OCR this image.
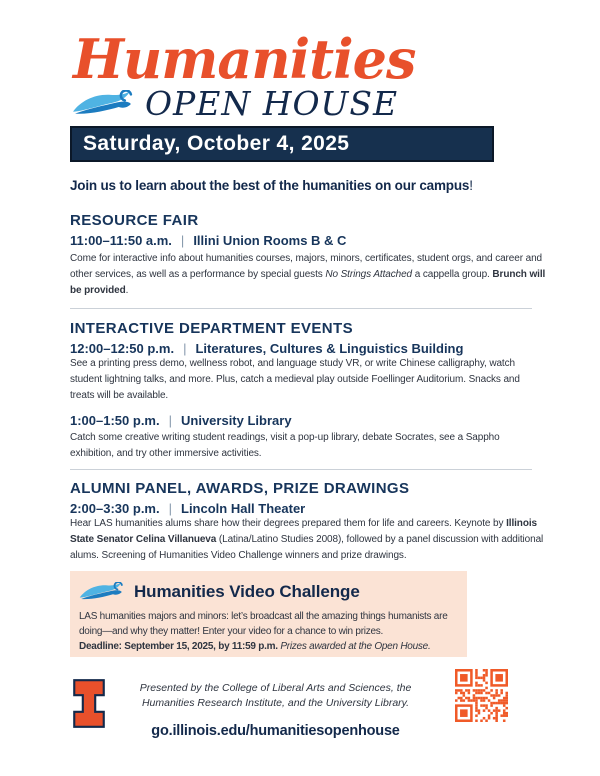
Humanities
OPEN HOUSE
Saturday, October 4, 2025
Join us to learn about the best of the humanities on our campus!
RESOURCE FAIR
11:00–11:50 a.m. | Illini Union Rooms B & C
Come for interactive info about humanities courses, majors, minors, certificates, student orgs, and career and other services, as well as a performance by special guests No Strings Attached a cappella group. Brunch will be provided.
INTERACTIVE DEPARTMENT EVENTS
12:00–12:50 p.m. | Literatures, Cultures & Linguistics Building
See a printing press demo, wellness robot, and language study VR, or write Chinese calligraphy, watch student lightning talks, and more. Plus, catch a medieval play outside Foellinger Auditorium. Snacks and treats will be available.
1:00–1:50 p.m. | University Library
Catch some creative writing student readings, visit a pop-up library, debate Socrates, see a Sappho exhibition, and try other immersive activities.
ALUMNI PANEL, AWARDS, PRIZE DRAWINGS
2:00–3:30 p.m. | Lincoln Hall Theater
Hear LAS humanities alums share how their degrees prepared them for life and careers. Keynote by Illinois State Senator Celina Villanueva (Latina/Latino Studies 2008), followed by a panel discussion with additional alums. Screening of Humanities Video Challenge winners and prize drawings.
Humanities Video Challenge
LAS humanities majors and minors: let’s broadcast all the amazing things humanists are doing—and why they matter! Enter your video for a chance to win prizes.
Deadline: September 15, 2025, by 11:59 p.m. Prizes awarded at the Open House.
Presented by the College of Liberal Arts and Sciences, the
Humanities Research Institute, and the University Library.
go.illinois.edu/humanitiesopenhouse
